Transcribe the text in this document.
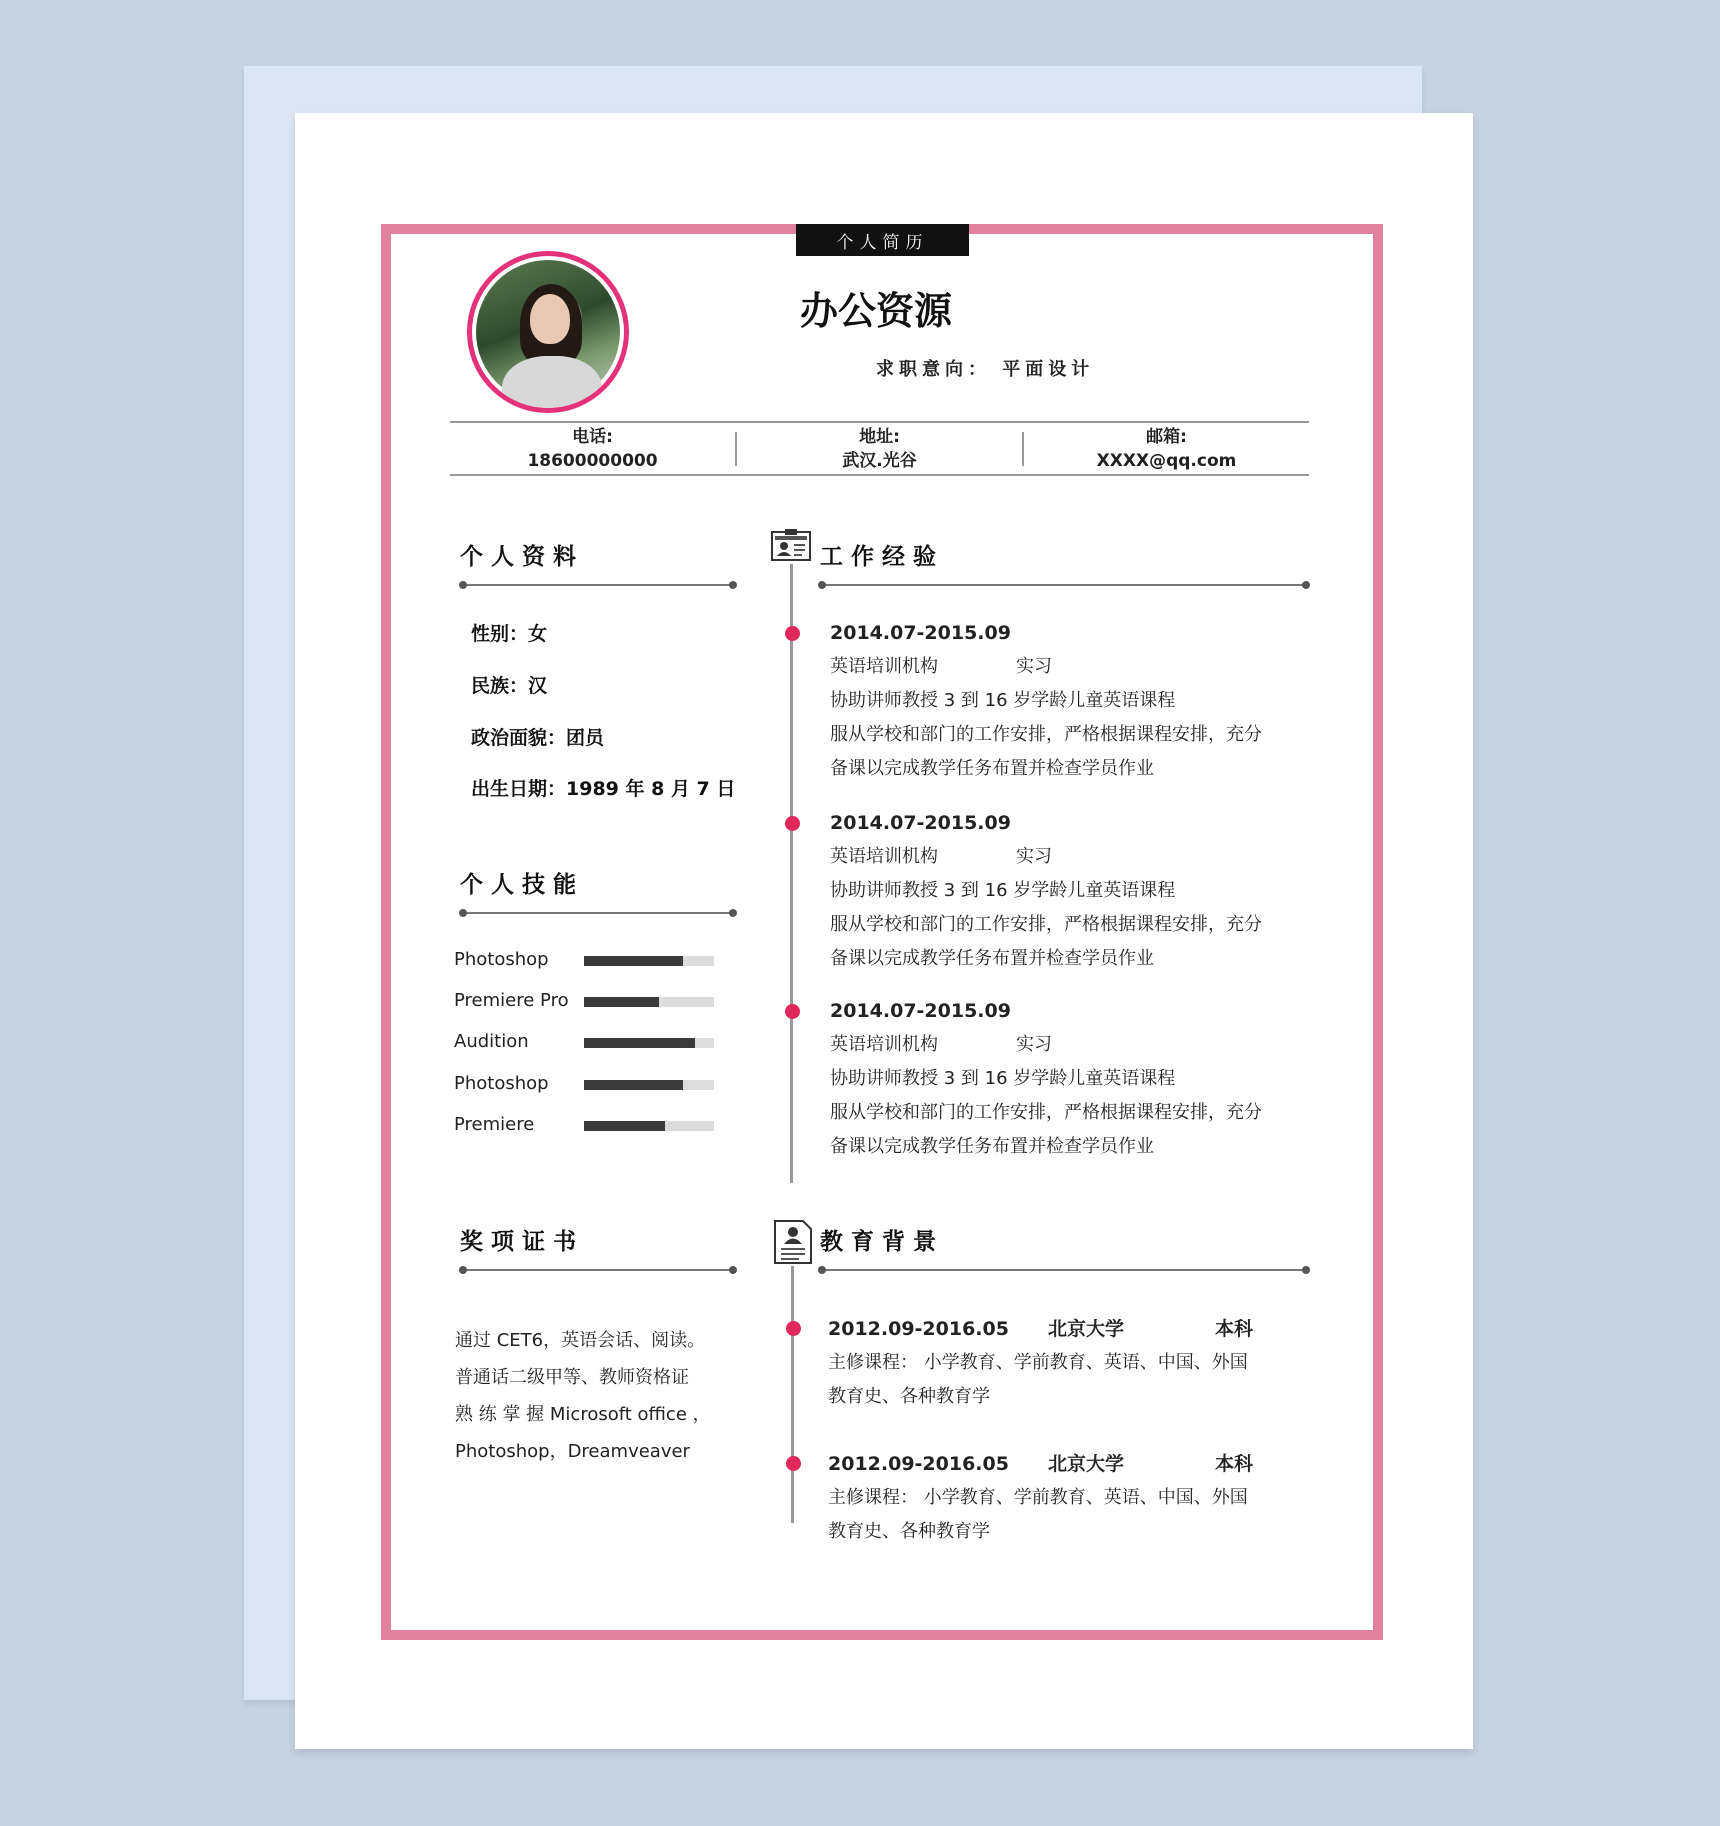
个人简历
办公资源
求职意向： 平面设计
电话:
18600000000
地址:
武汉.光谷
邮箱:
XXXX@qq.com
个人资料
性别：女
民族：汉
政治面貌：团员
出生日期：1989 年 8 月 7 日
个人技能
Photoshop
Premiere Pro
Audition
Photoshop
Premiere
工作经验
2014.07-2015.09
英语培训机构	实习
协助讲师教授 3 到 16 岁学龄儿童英语课程
服从学校和部门的工作安排，严格根据课程安排，充分
备课以完成教学任务布置并检查学员作业
2014.07-2015.09
英语培训机构	实习
协助讲师教授 3 到 16 岁学龄儿童英语课程
服从学校和部门的工作安排，严格根据课程安排，充分
备课以完成教学任务布置并检查学员作业
2014.07-2015.09
英语培训机构	实习
协助讲师教授 3 到 16 岁学龄儿童英语课程
服从学校和部门的工作安排，严格根据课程安排，充分
备课以完成教学任务布置并检查学员作业
奖项证书
通过 CET6，英语会话、阅读。
普通话二级甲等、教师资格证
熟 练 掌 握 Microsoft office ，
Photoshop，Dreamveaver
教育背景
2012.09-2016.05 北京大学	本科
主修课程： 小学教育、学前教育、英语、中国、外国
教育史、各种教育学
2012.09-2016.05 北京大学	本科
主修课程： 小学教育、学前教育、英语、中国、外国
教育史、各种教育学
